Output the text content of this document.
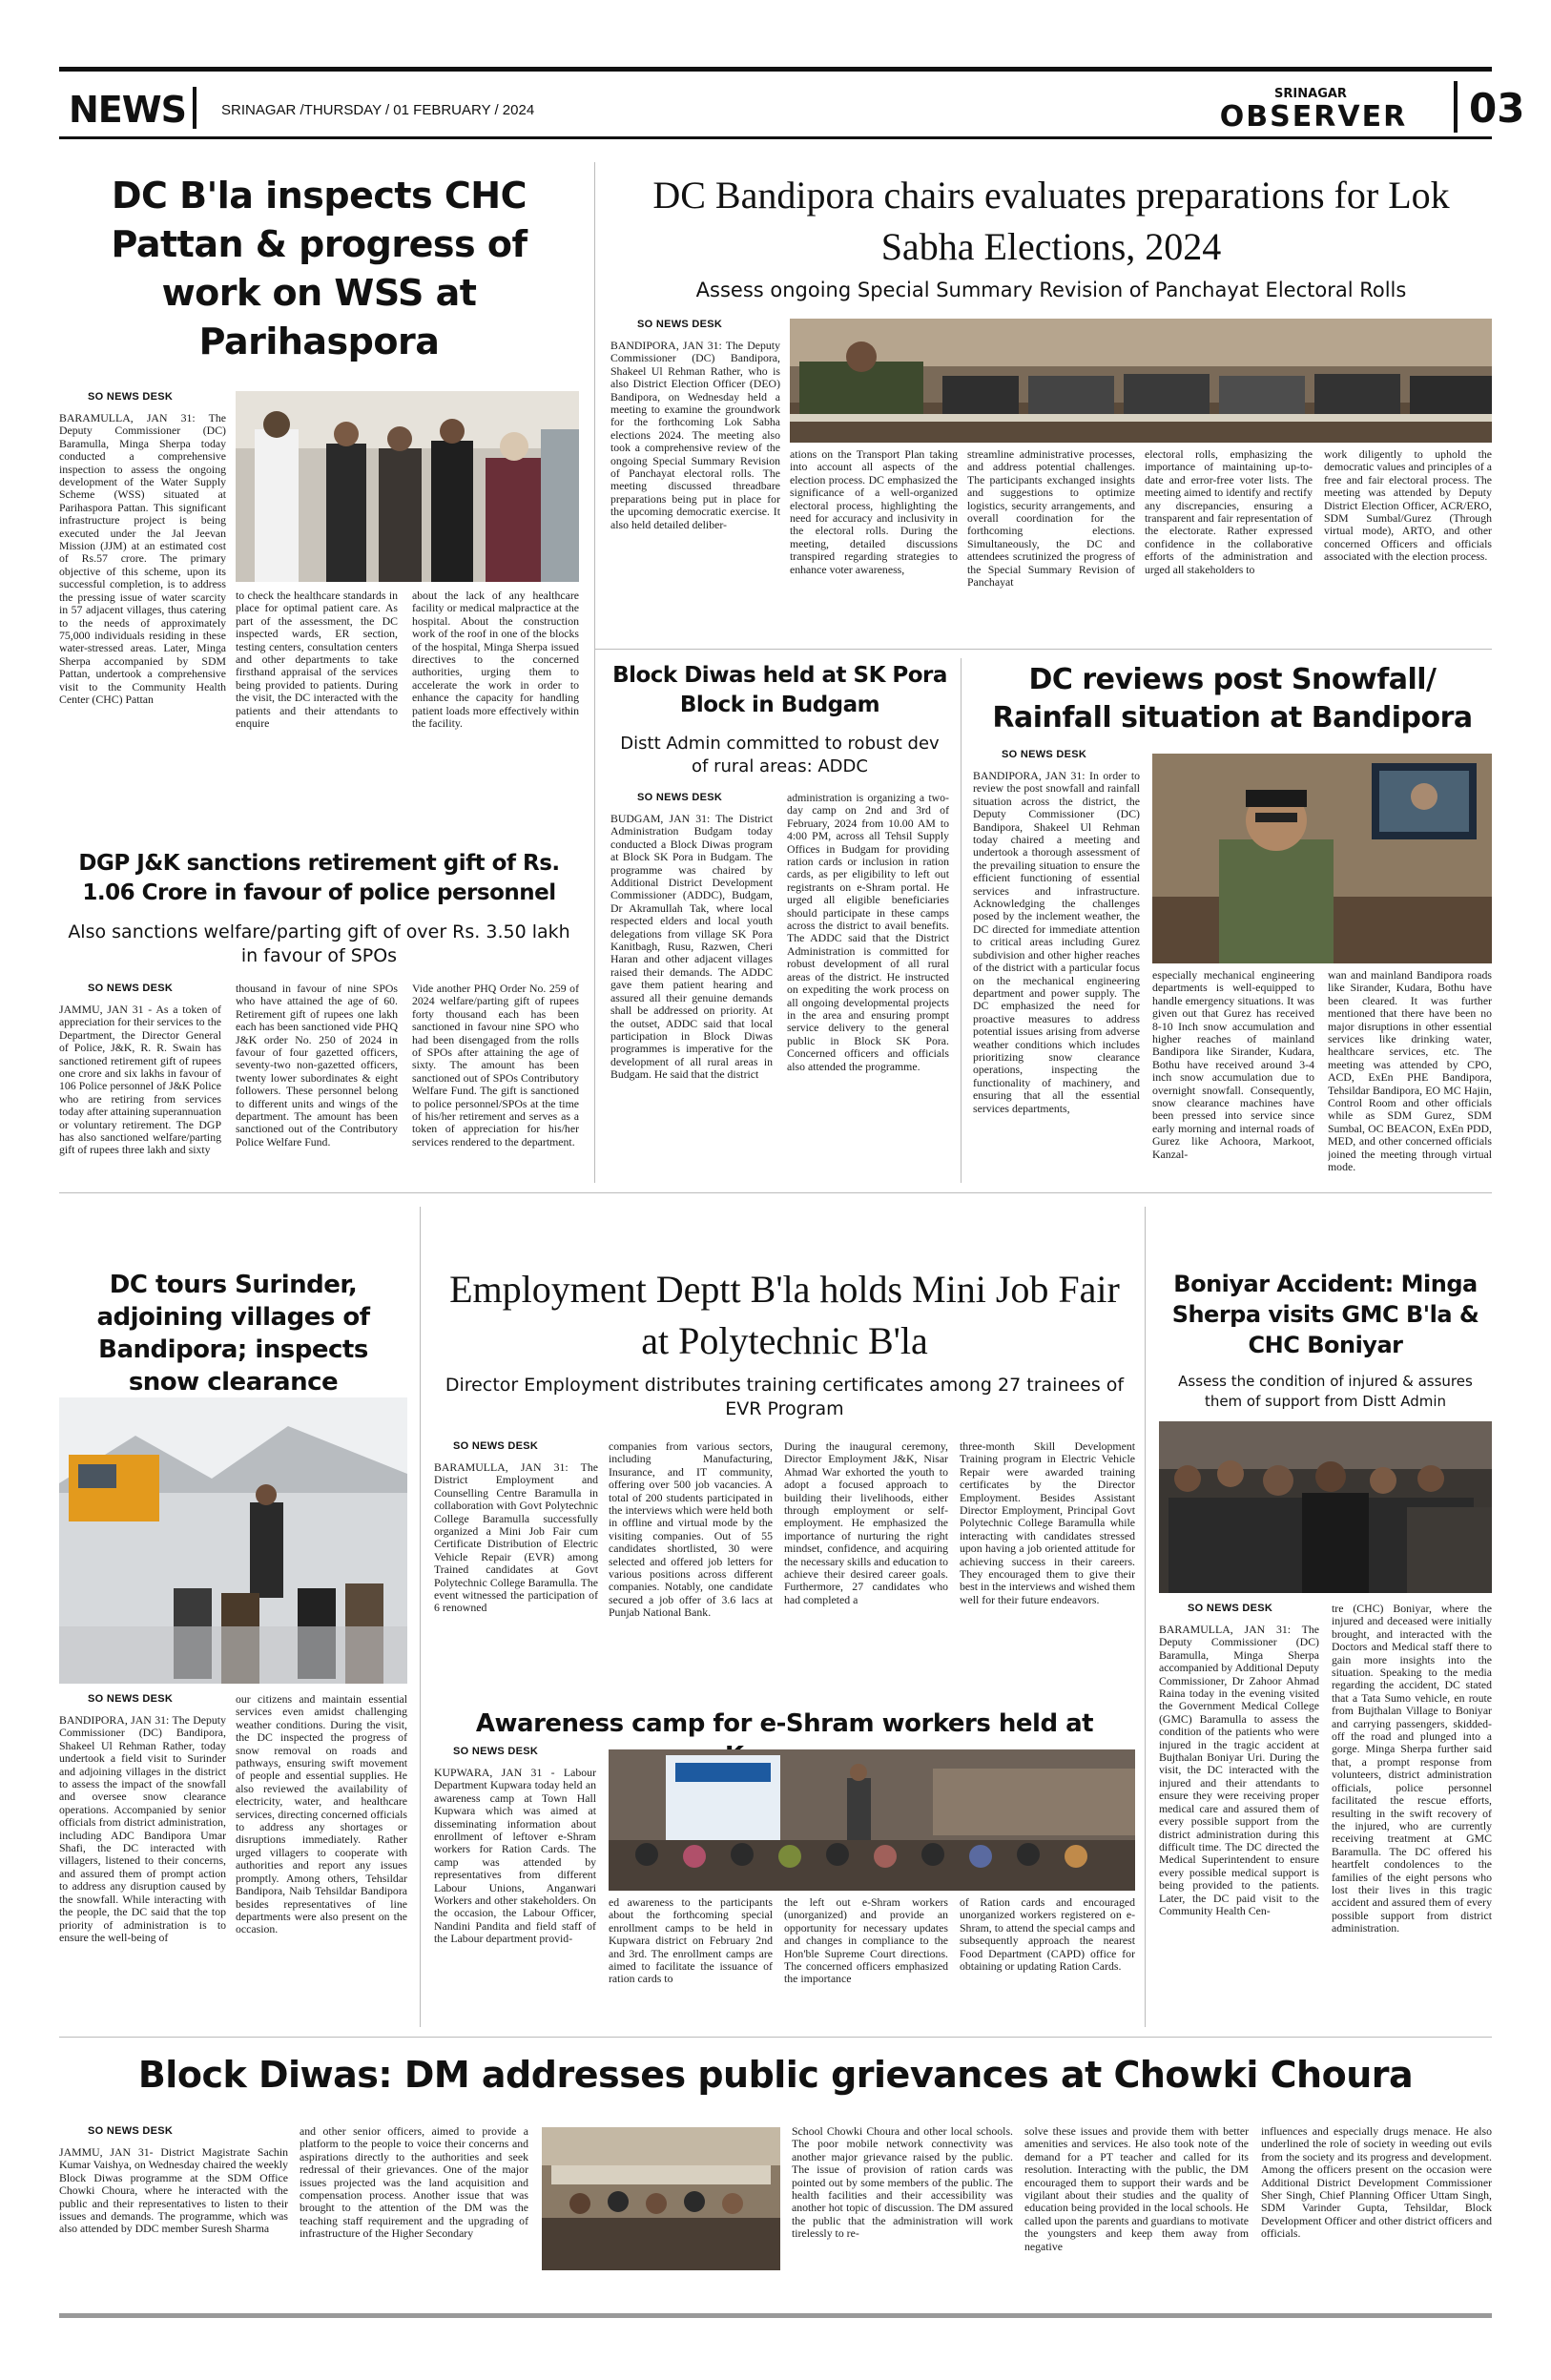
NEWS SRINAGAR /THURSDAY / 01 FEBRUARY / 2024
SRINAGAR
OBSERVER	03
DC B'la inspects CHC Pattan & progress of work on WSS at Parihaspora
SO NEWS DESK
BARAMULLA, JAN 31: The Deputy Commissioner (DC) Baramulla, Minga Sherpa today conducted a comprehensive inspection to assess the ongoing development of the Water Supply Scheme (WSS) situated at Parihaspora Pattan. This significant infrastructure project is being executed under the Jal Jeevan Mission (JJM) at an estimated cost of Rs.57 crore. The primary objective of this scheme, upon its successful completion, is to address the pressing issue of water scarcity in 57 adjacent villages, thus catering to the needs of approximately 75,000 individuals residing in these water-stressed areas. Later, Minga Sherpa accompanied by SDM Pattan, undertook a comprehensive visit to the Community Health Center (CHC) Pattan
to check the healthcare standards in place for optimal patient care. As part of the assessment, the DC inspected wards, ER section, testing centers, consultation centers and other departments to take firsthand appraisal of the services being provided to patients. During the visit, the DC interacted with the patients and their attendants to enquire
about the lack of any healthcare facility or medical malpractice at the hospital. About the construction work of the roof in one of the blocks of the hospital, Minga Sherpa issued directives to the concerned authorities, urging them to accelerate the work in order to enhance the capacity for handling patient loads more effectively within the facility.
DGP J&K sanctions retirement gift of Rs. 1.06 Crore in favour of police personnel
Also sanctions welfare/parting gift of over Rs. 3.50 lakh in favour of SPOs
SO NEWS DESK
JAMMU, JAN 31 - As a token of appreciation for their services to the Department, the Director General of Police, J&K, R. R. Swain has sanctioned retirement gift of rupees one crore and six lakhs in favour of 106 Police personnel of J&K Police who are retiring from services today after attaining superannuation or voluntary retirement. The DGP has also sanctioned welfare/parting gift of rupees three lakh and sixty
thousand in favour of nine SPOs who have attained the age of 60. Retirement gift of rupees one lakh each has been sanctioned vide PHQ J&K order No. 250 of 2024 in favour of four gazetted officers, seventy-two non-gazetted officers, twenty lower subordinates & eight followers. These personnel belong to different units and wings of the department. The amount has been sanctioned out of the Contributory Police Welfare Fund.
Vide another PHQ Order No. 259 of 2024 welfare/parting gift of rupees forty thousand each has been sanctioned in favour nine SPO who had been disengaged from the rolls of SPOs after attaining the age of sixty. The amount has been sanctioned out of SPOs Contributory Welfare Fund. The gift is sanctioned to police personnel/SPOs at the time of his/her retirement and serves as a token of appreciation for his/her services rendered to the department.
DC Bandipora chairs evaluates preparations for Lok Sabha Elections, 2024
Assess ongoing Special Summary Revision of Panchayat Electoral Rolls
SO NEWS DESK
BANDIPORA, JAN 31: The Deputy Commissioner (DC) Bandipora, Shakeel Ul Rehman Rather, who is also District Election Officer (DEO) Bandipora, on Wednesday held a meeting to examine the groundwork for the forthcoming Lok Sabha elections 2024. The meeting also took a comprehensive review of the ongoing Special Summary Revision of Panchayat electoral rolls. The meeting discussed threadbare preparations being put in place for the upcoming democratic exercise. It also held detailed deliber-
ations on the Transport Plan taking into account all aspects of the election process. DC emphasized the significance of a well-organized electoral process, highlighting the need for accuracy and inclusivity in the electoral rolls. During the meeting, detailed discussions transpired regarding strategies to enhance voter awareness,
streamline administrative processes, and address potential challenges. The participants exchanged insights and suggestions to optimize logistics, security arrangements, and overall coordination for the forthcoming elections. Simultaneously, the DC and attendees scrutinized the progress of the Special Summary Revision of Panchayat
electoral rolls, emphasizing the importance of maintaining up-to-date and error-free voter lists. The meeting aimed to identify and rectify any discrepancies, ensuring a transparent and fair representation of the electorate. Rather expressed confidence in the collaborative efforts of the administration and urged all stakeholders to
work diligently to uphold the democratic values and principles of a free and fair electoral process. The meeting was attended by Deputy District Election Officer, ACR/ERO, SDM Sumbal/Gurez (Through virtual mode), ARTO, and other concerned Officers and officials associated with the election process.
Block Diwas held at SK Pora Block in Budgam
Distt Admin committed to robust dev of rural areas: ADDC
SO NEWS DESK
BUDGAM, JAN 31: The District Administration Budgam today conducted a Block Diwas program at Block SK Pora in Budgam. The programme was chaired by Additional District Development Commissioner (ADDC), Budgam, Dr Akramullah Tak, where local respected elders and local youth delegations from village SK Pora Kanitbagh, Rusu, Razwen, Cheri Haran and other adjacent villages raised their demands. The ADDC gave them patient hearing and assured all their genuine demands shall be addressed on priority. At the outset, ADDC said that local participation in Block Diwas programmes is imperative for the development of all rural areas in Budgam. He said that the district
administration is organizing a two-day camp on 2nd and 3rd of February, 2024 from 10.00 AM to 4:00 PM, across all Tehsil Supply Offices in Budgam for providing ration cards or inclusion in ration cards, as per eligibility to left out registrants on e-Shram portal. He urged all eligible beneficiaries should participate in these camps across the district to avail benefits. The ADDC said that the District Administration is committed for robust development of all rural areas of the district. He instructed on expediting the work process on all ongoing developmental projects in the area and ensuring prompt service delivery to the general public in Block SK Pora. Concerned officers and officials also attended the programme.
DC reviews post Snowfall/ Rainfall situation at Bandipora
SO NEWS DESK
BANDIPORA, JAN 31: In order to review the post snowfall and rainfall situation across the district, the Deputy Commissioner (DC) Bandipora, Shakeel Ul Rehman today chaired a meeting and undertook a thorough assessment of the prevailing situation to ensure the efficient functioning of essential services and infrastructure. Acknowledging the challenges posed by the inclement weather, the DC directed for immediate attention to critical areas including Gurez subdivision and other higher reaches of the district with a particular focus on the mechanical engineering department and power supply. The DC emphasized the need for proactive measures to address potential issues arising from adverse weather conditions which includes prioritizing snow clearance operations, inspecting the functionality of machinery, and ensuring that all the essential services departments,
especially mechanical engineering departments is well-equipped to handle emergency situations. It was given out that Gurez has received 8-10 Inch snow accumulation and higher reaches of mainland Bandipora like Sirander, Kudara, Bothu have received around 3-4 inch snow accumulation due to overnight snowfall. Consequently, snow clearance machines have been pressed into service since early morning and internal roads of Gurez like Achoora, Markoot, Kanzal-
wan and mainland Bandipora roads like Sirander, Kudara, Bothu have been cleared. It was further mentioned that there have been no major disruptions in other essential services like drinking water, healthcare services, etc. The meeting was attended by CPO, ACD, ExEn PHE Bandipora, Tehsildar Bandipora, EO MC Hajin, Control Room and other officials while as SDM Gurez, SDM Sumbal, OC BEACON, ExEn PDD, MED, and other concerned officials joined the meeting through virtual mode.
DC tours Surinder, adjoining villages of Bandipora; inspects snow clearance
SO NEWS DESK
BANDIPORA, JAN 31: The Deputy Commissioner (DC) Bandipora, Shakeel Ul Rehman Rather, today undertook a field visit to Surinder and adjoining villages in the district to assess the impact of the snowfall and oversee snow clearance operations. Accompanied by senior officials from district administration, including ADC Bandipora Umar Shafi, the DC interacted with villagers, listened to their concerns, and assured them of prompt action to address any disruption caused by the snowfall. While interacting with the people, the DC said that the top priority of administration is to ensure the well-being of
our citizens and maintain essential services even amidst challenging weather conditions. During the visit, the DC inspected the progress of snow removal on roads and pathways, ensuring swift movement of people and essential supplies. He also reviewed the availability of electricity, water, and healthcare services, directing concerned officials to address any shortages or disruptions immediately. Rather urged villagers to cooperate with authorities and report any issues promptly. Among others, Tehsildar Bandipora, Naib Tehsildar Bandipora besides representatives of line departments were also present on the occasion.
Employment Deptt B'la holds Mini Job Fair at Polytechnic B'la
Director Employment distributes training certificates among 27 trainees of EVR Program
SO NEWS DESK
BARAMULLA, JAN 31: The District Employment and Counselling Centre Baramulla in collaboration with Govt Polytechnic College Baramulla successfully organized a Mini Job Fair cum Certificate Distribution of Electric Vehicle Repair (EVR) among Trained candidates at Govt Polytechnic College Baramulla. The event witnessed the participation of 6 renowned
companies from various sectors, including Manufacturing, Insurance, and IT community, offering over 500 job vacancies. A total of 200 students participated in the interviews which were held both in offline and virtual mode by the visiting companies. Out of 55 candidates shortlisted, 30 were selected and offered job letters for various positions across different companies. Notably, one candidate secured a job offer of 3.6 lacs at Punjab National Bank.
During the inaugural ceremony, Director Employment J&K, Nisar Ahmad War exhorted the youth to adopt a focused approach to building their livelihoods, either through employment or self-employment. He emphasized the importance of nurturing the right mindset, confidence, and acquiring the necessary skills and education to achieve their desired career goals. Furthermore, 27 candidates who had completed a
three-month Skill Development Training program in Electric Vehicle Repair were awarded training certificates by the Director Employment. Besides Assistant Director Employment, Principal Govt Polytechnic College Baramulla while interacting with candidates stressed upon having a job oriented attitude for achieving success in their careers. They encouraged them to give their best in the interviews and wished them well for their future endeavors.
Awareness camp for e-Shram workers held at
SO NEWS DESK
KUPWARA, JAN 31 - Labour Department Kupwara today held an awareness camp at Town Hall Kupwara which was aimed at disseminating information about enrollment of leftover e-Shram workers for Ration Cards. The camp was attended by representatives from different Labour Unions, Anganwari Workers and other stakeholders. On the occasion, the Labour Officer, Nandini Pandita and field staff of the Labour department provid-
ed awareness to the participants about the forthcoming special enrollment camps to be held in Kupwara district on February 2nd and 3rd. The enrollment camps are aimed to facilitate the issuance of ration cards to
the left out e-Shram workers (unorganized) and provide an opportunity for necessary updates and changes in compliance to the Hon'ble Supreme Court directions. The concerned officers emphasized the importance
of Ration cards and encouraged unorganized workers registered on e-Shram, to attend the special camps and subsequently approach the nearest Food Department (CAPD) office for obtaining or updating Ration Cards.
Boniyar Accident: Minga Sherpa visits GMC B'la & CHC Boniyar
Assess the condition of injured & assures them of support from Distt Admin
SO NEWS DESK
BARAMULLA, JAN 31: The Deputy Commissioner (DC) Baramulla, Minga Sherpa accompanied by Additional Deputy Commissioner, Dr Zahoor Ahmad Raina today in the evening visited the Government Medical College (GMC) Baramulla to assess the condition of the patients who were injured in the tragic accident at Bujthalan Boniyar Uri. During the visit, the DC interacted with the injured and their attendants to ensure they were receiving proper medical care and assured them of every possible support from the district administration during this difficult time. The DC directed the Medical Superintendent to ensure every possible medical support is being provided to the patients. Later, the DC paid visit to the Community Health Cen-
tre (CHC) Boniyar, where the injured and deceased were initially brought, and interacted with the Doctors and Medical staff there to gain more insights into the situation. Speaking to the media regarding the accident, DC stated that a Tata Sumo vehicle, en route from Bujthalan Village to Boniyar and carrying passengers, skidded-off the road and plunged into a gorge. Minga Sherpa further said that, a prompt response from volunteers, district administration officials, police personnel facilitated the rescue efforts, resulting in the swift recovery of the injured, who are currently receiving treatment at GMC Baramulla. The DC offered his heartfelt condolences to the families of the eight persons who lost their lives in this tragic accident and assured them of every possible support from district administration.
Block Diwas: DM addresses public grievances at Chowki Choura
SO NEWS DESK
JAMMU, JAN 31- District Magistrate Sachin Kumar Vaishya, on Wednesday chaired the weekly Block Diwas programme at the SDM Office Chowki Choura, where he interacted with the public and their representatives to listen to their issues and demands. The programme, which was also attended by DDC member Suresh Sharma
and other senior officers, aimed to provide a platform to the people to voice their concerns and aspirations directly to the authorities and seek redressal of their grievances. One of the major issues projected was the land acquisition and compensation process. Another issue that was brought to the attention of the DM was the teaching staff requirement and the upgrading of infrastructure of the Higher Secondary
School Chowki Choura and other local schools. The poor mobile network connectivity was another major grievance raised by the public. The issue of provision of ration cards was pointed out by some members of the public. The health facilities and their accessibility was another hot topic of discussion. The DM assured the public that the administration will work tirelessly to re-
solve these issues and provide them with better amenities and services. He also took note of the demand for a PT teacher and called for its resolution. Interacting with the public, the DM encouraged them to support their wards and be vigilant about their studies and the quality of education being provided in the local schools. He called upon the parents and guardians to motivate the youngsters and keep them away from negative
influences and especially drugs menace. He also underlined the role of society in weeding out evils from the society and its progress and development. Among the officers present on the occasion were Additional District Development Commissioner Sher Singh, Chief Planning Officer Uttam Singh, SDM Varinder Gupta, Tehsildar, Block Development Officer and other district officers and officials.
